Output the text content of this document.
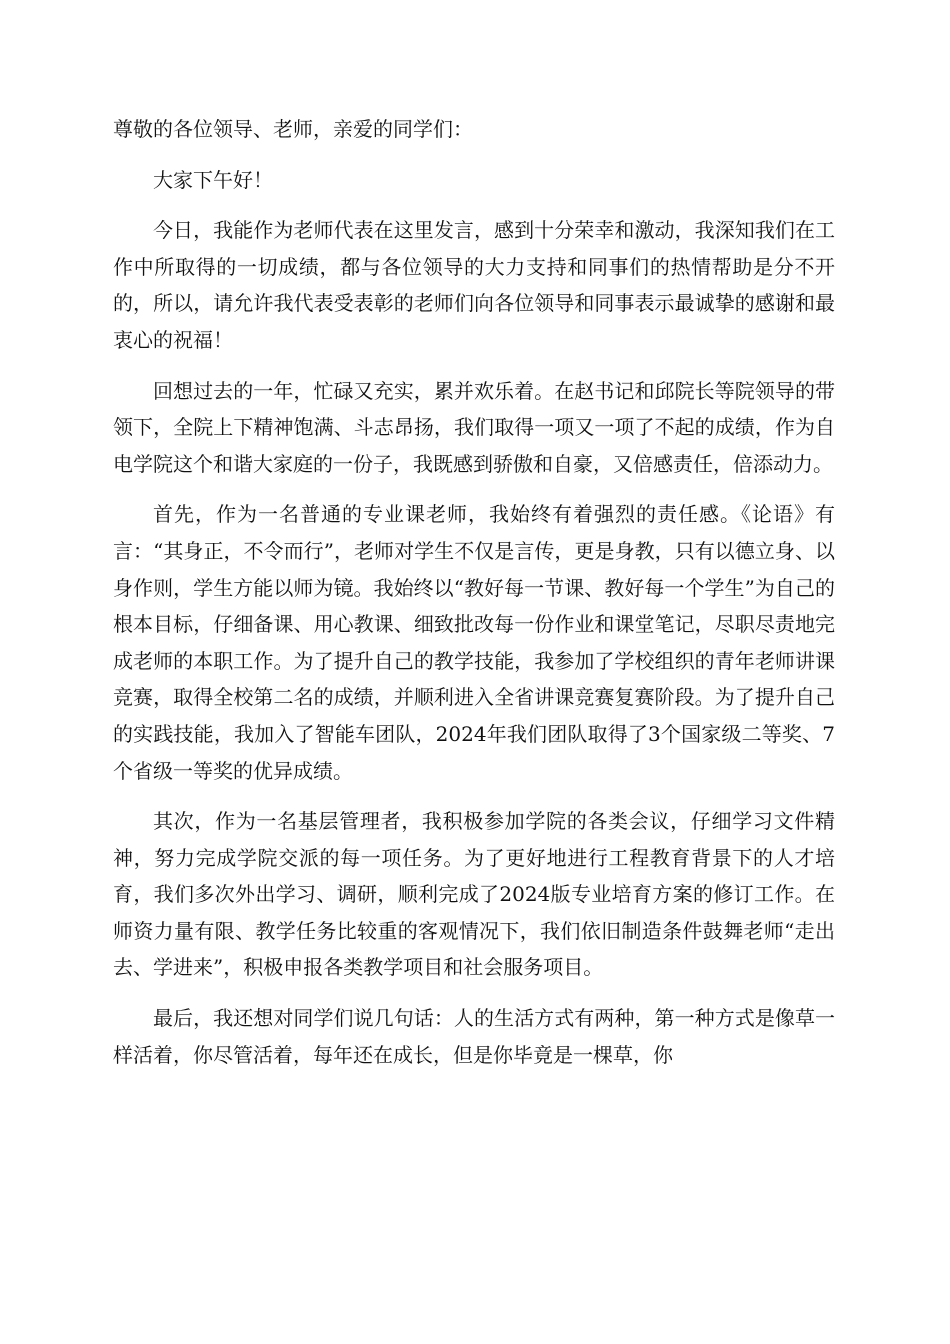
尊敬的各位领导、老师，亲爱的同学们：

大家下午好！

今日，我能作为老师代表在这里发言，感到十分荣幸和激动，我深知我们在工作中所取得的一切成绩，都与各位领导的大力支持和同事们的热情帮助是分不开的，所以，请允许我代表受表彰的老师们向各位领导和同事表示最诚挚的感谢和最衷心的祝福！

回想过去的一年，忙碌又充实，累并欢乐着。在赵书记和邱院长等院领导的带领下，全院上下精神饱满、斗志昂扬，我们取得一项又一项了不起的成绩，作为自电学院这个和谐大家庭的一份子，我既感到骄傲和自豪，又倍感责任，倍添动力。

首先，作为一名普通的专业课老师，我始终有着强烈的责任感。《论语》有言：“其身正，不令而行”，老师对学生不仅是言传，更是身教，只有以德立身、以身作则，学生方能以师为镜。我始终以“教好每一节课、教好每一个学生”为自己的根本目标，仔细备课、用心教课、细致批改每一份作业和课堂笔记，尽职尽责地完成老师的本职工作。为了提升自己的教学技能，我参加了学校组织的青年老师讲课竞赛，取得全校第二名的成绩，并顺利进入全省讲课竞赛复赛阶段。为了提升自己的实践技能，我加入了智能车团队，2024年我们团队取得了3个国家级二等奖、7个省级一等奖的优异成绩。

其次，作为一名基层管理者，我积极参加学院的各类会议，仔细学习文件精神，努力完成学院交派的每一项任务。为了更好地进行工程教育背景下的人才培育，我们多次外出学习、调研，顺利完成了2024版专业培育方案的修订工作。在师资力量有限、教学任务比较重的客观情况下，我们依旧制造条件鼓舞老师“走出去、学进来”，积极申报各类教学项目和社会服务项目。

最后，我还想对同学们说几句话：人的生活方式有两种，第一种方式是像草一样活着，你尽管活着，每年还在成长，但是你毕竟是一棵草，你
